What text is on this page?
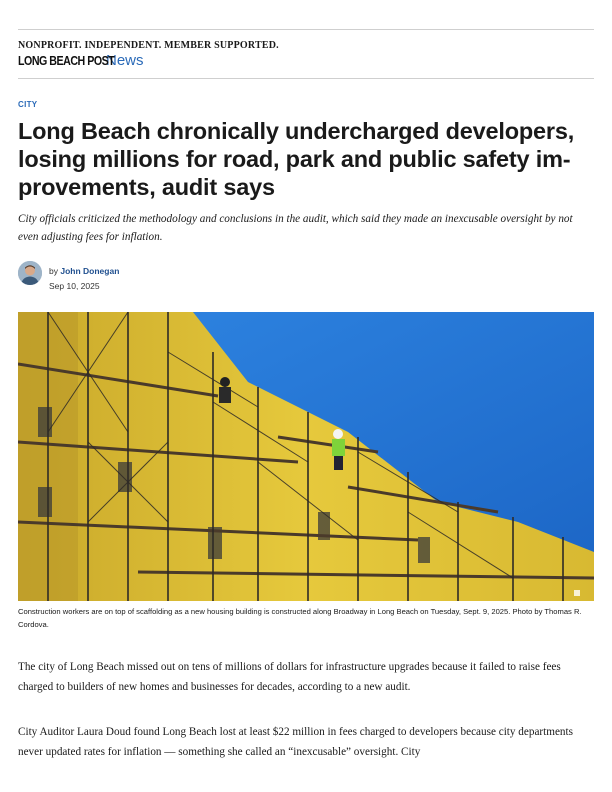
NONPROFIT. INDEPENDENT. MEMBER SUPPORTED.
LONG BEACH POST
News
CITY
Long Beach chronically undercharged developers, losing millions for road, park and public safety im-provements, audit says
City officials criticized the methodology and conclusions in the audit, which said they made an inexcusable oversight by not even adjusting fees for inflation.
by John Donegan
Sep 10, 2025
Construction workers are on top of scaffolding as a new housing building is constructed along Broadway in Long Beach on Tuesday, Sept. 9, 2025. Photo by Thomas R. Cordova.

The city of Long Beach missed out on tens of millions of dollars for infrastructure upgrades because it failed to raise fees charged to builders of new homes and businesses for decades, according to a new audit.

City Auditor Laura Doud found Long Beach lost at least $22 million in fees charged to developers because city departments never updated rates for inflation — something she called an “inexcusable” oversight. City
